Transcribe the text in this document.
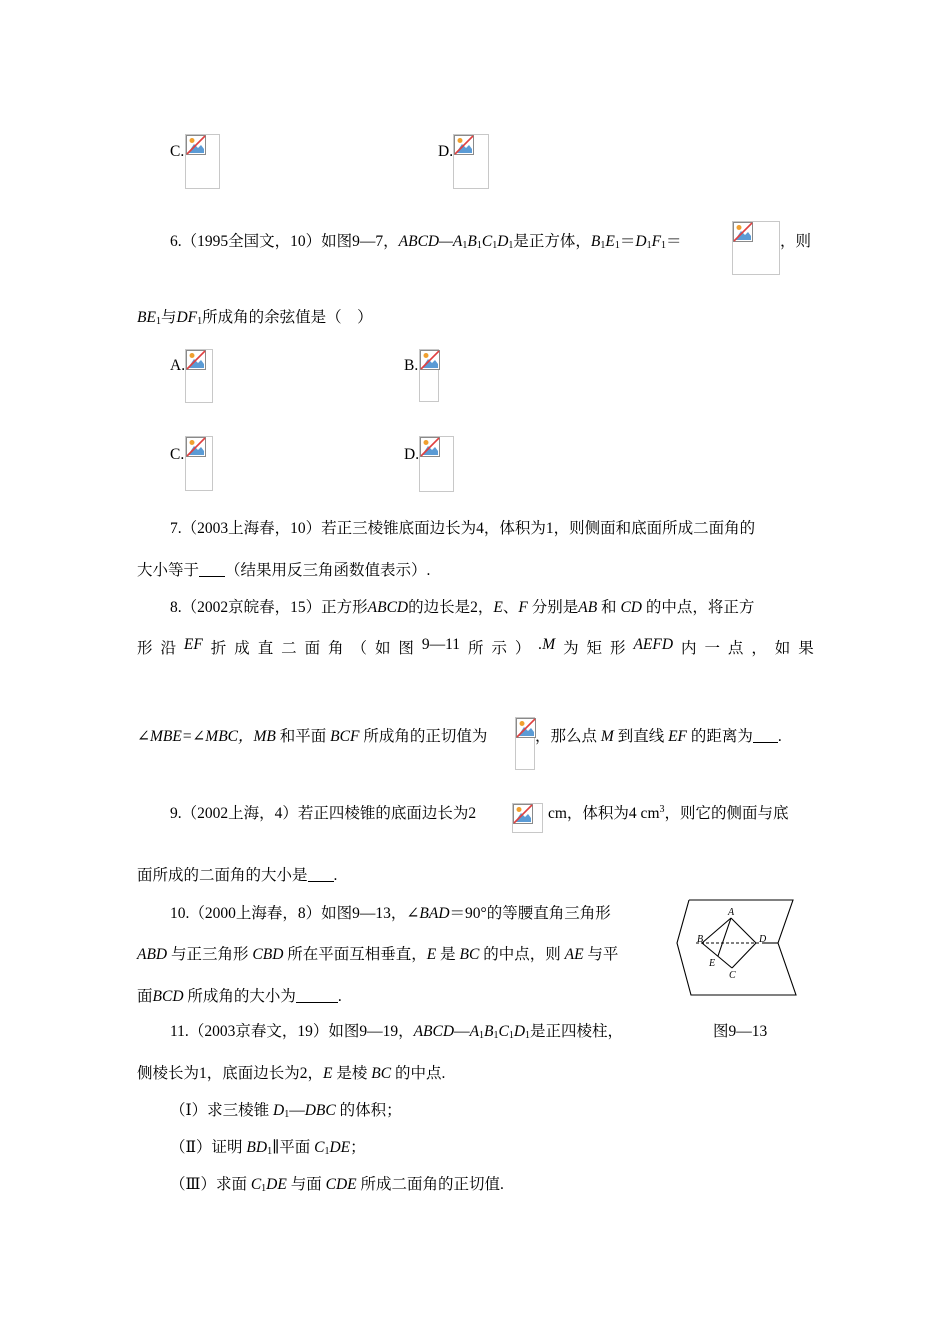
C.	D.
6.（1995全国文，10）如图9—7，$ABCD—A_1B_1C_1D_1$是正方体，$B_1E_1=D_1F_1=$	，则
$BE_1$与$DF_1$所成角的余弦值是（　）
A.	B.
C.	D.
7.（2003上海春，10）若正三棱锥底面边长为4，体积为1，则侧面和底面所成二面角的
大小等于 （结果用反三角函数值表示）.
8.（2002京皖春，15）正方形ABCD的边长是2，E、F 分别是AB 和 CD 的中点，将正方
形 沿 EF 折 成 直 二 面 角 （ 如 图 9—11 所 示 ） .M 为 矩 形 AEFD 内 一 点 ， 如 果
∠MBE=∠MBC，MB 和平面 BCF 所成角的正切值为	，那么点 M 到直线 EF 的距离为 .
9.（2002上海，4）若正四棱锥的底面边长为2	cm，体积为4 $cm^3$，则它的侧面与底
面所成的二面角的大小是 .
10.（2000上海春，8）如图9—13，∠BAD＝90°的等腰直角三角形
ABD 与正三角形 CBD 所在平面互相垂直，E 是 BC 的中点，则 AE 与平
面BCD 所成角的大小为	.
A
B	D
E
C
图9—13
11.（2003京春文，19）如图9—19，$ABCD—A_1B_1C_1D_1$是正四棱柱，
侧棱长为1，底面边长为2，E 是棱 BC 的中点.
（Ⅰ）求三棱锥 $D_1—DBC$ 的体积；
（Ⅱ）证明 $BD_1\parallel$平面 $C_1DE$；
（Ⅲ）求面 $C_1DE$ 与面 CDE 所成二面角的正切值.
